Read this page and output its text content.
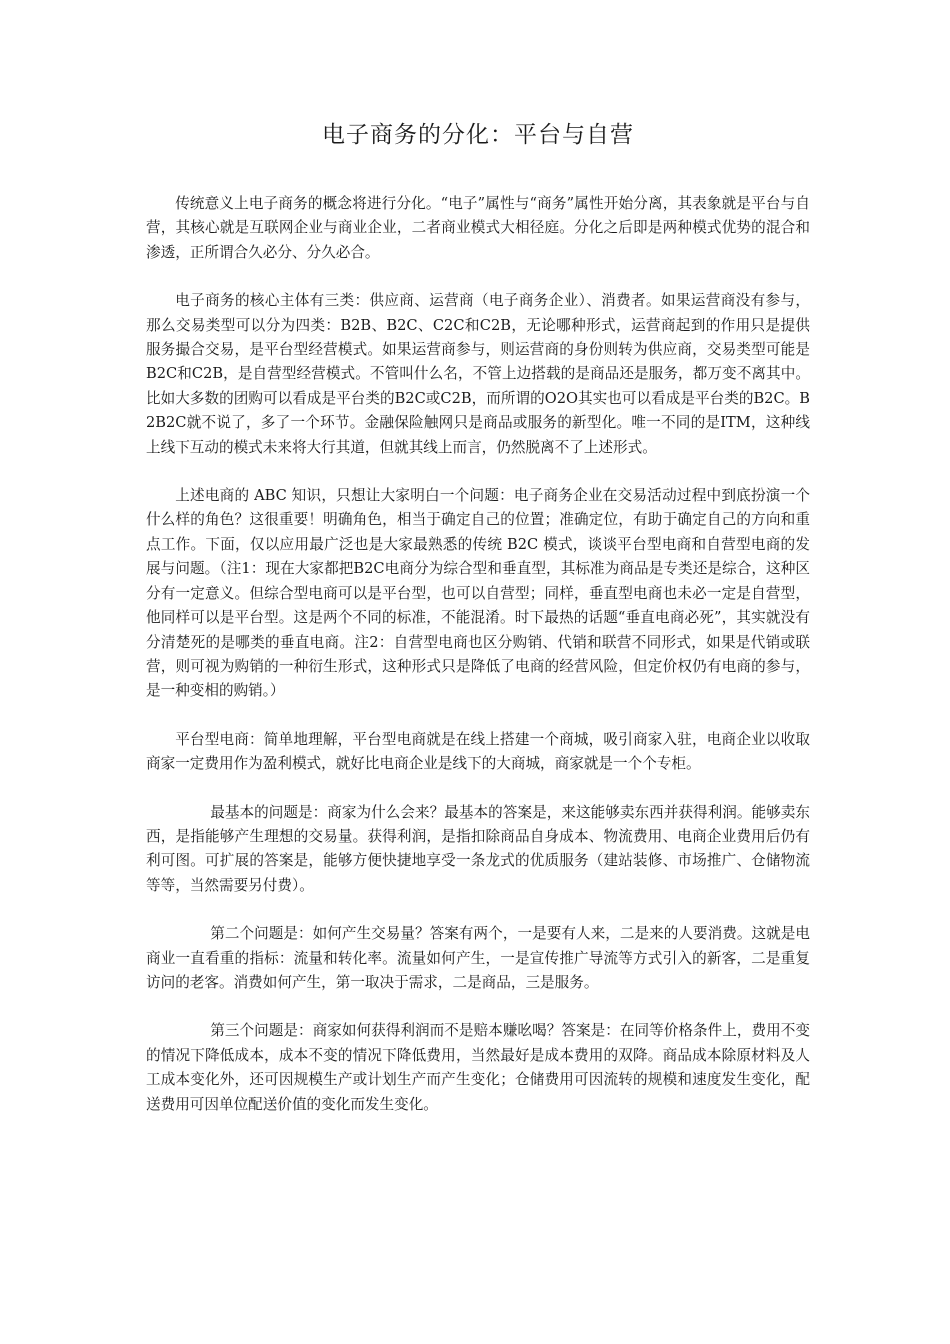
电子商务的分化：平台与自营

传统意义上电子商务的概念将进行分化。“电子”属性与“商务”属性开始分离，其表象就是平台与自营，其核心就是互联网企业与商业企业，二者商业模式大相径庭。分化之后即是两种模式优势的混合和渗透，正所谓合久必分、分久必合。

电子商务的核心主体有三类：供应商、运营商（电子商务企业）、消费者。如果运营商没有参与，那么交易类型可以分为四类：B2B、B2C、C2C和C2B，无论哪种形式，运营商起到的作用只是提供服务撮合交易，是平台型经营模式。如果运营商参与，则运营商的身份则转为供应商，交易类型可能是B2C和C2B，是自营型经营模式。不管叫什么名，不管上边搭载的是商品还是服务，都万变不离其中。比如大多数的团购可以看成是平台类的B2C或C2B，而所谓的O2O其实也可以看成是平台类的B2C。B2B2C就不说了，多了一个环节。金融保险触网只是商品或服务的新型化。唯一不同的是ITM，这种线上线下互动的模式未来将大行其道，但就其线上而言，仍然脱离不了上述形式。

上述电商的 ABC 知识，只想让大家明白一个问题：电子商务企业在交易活动过程中到底扮演一个什么样的角色？这很重要！明确角色，相当于确定自己的位置；准确定位，有助于确定自己的方向和重点工作。下面，仅以应用最广泛也是大家最熟悉的传统 B2C 模式，谈谈平台型电商和自营型电商的发展与问题。（注1：现在大家都把B2C电商分为综合型和垂直型，其标准为商品是专类还是综合，这种区分有一定意义。但综合型电商可以是平台型，也可以自营型；同样，垂直型电商也未必一定是自营型，他同样可以是平台型。这是两个不同的标准，不能混淆。时下最热的话题“垂直电商必死”，其实就没有分清楚死的是哪类的垂直电商。注2：自营型电商也区分购销、代销和联营不同形式，如果是代销或联营，则可视为购销的一种衍生形式，这种形式只是降低了电商的经营风险，但定价权仍有电商的参与，是一种变相的购销。）

平台型电商：简单地理解，平台型电商就是在线上搭建一个商城，吸引商家入驻，电商企业以收取商家一定费用作为盈利模式，就好比电商企业是线下的大商城，商家就是一个个专柜。

最基本的问题是：商家为什么会来？最基本的答案是，来这能够卖东西并获得利润。能够卖东西，是指能够产生理想的交易量。获得利润，是指扣除商品自身成本、物流费用、电商企业费用后仍有利可图。可扩展的答案是，能够方便快捷地享受一条龙式的优质服务（建站装修、市场推广、仓储物流等等，当然需要另付费）。

第二个问题是：如何产生交易量？答案有两个，一是要有人来，二是来的人要消费。这就是电商业一直看重的指标：流量和转化率。流量如何产生，一是宣传推广导流等方式引入的新客，二是重复访问的老客。消费如何产生，第一取决于需求，二是商品，三是服务。

第三个问题是：商家如何获得利润而不是赔本赚吆喝？答案是：在同等价格条件上，费用不变的情况下降低成本，成本不变的情况下降低费用，当然最好是成本费用的双降。商品成本除原材料及人工成本变化外，还可因规模生产或计划生产而产生变化；仓储费用可因流转的规模和速度发生变化，配送费用可因单位配送价值的变化而发生变化。
